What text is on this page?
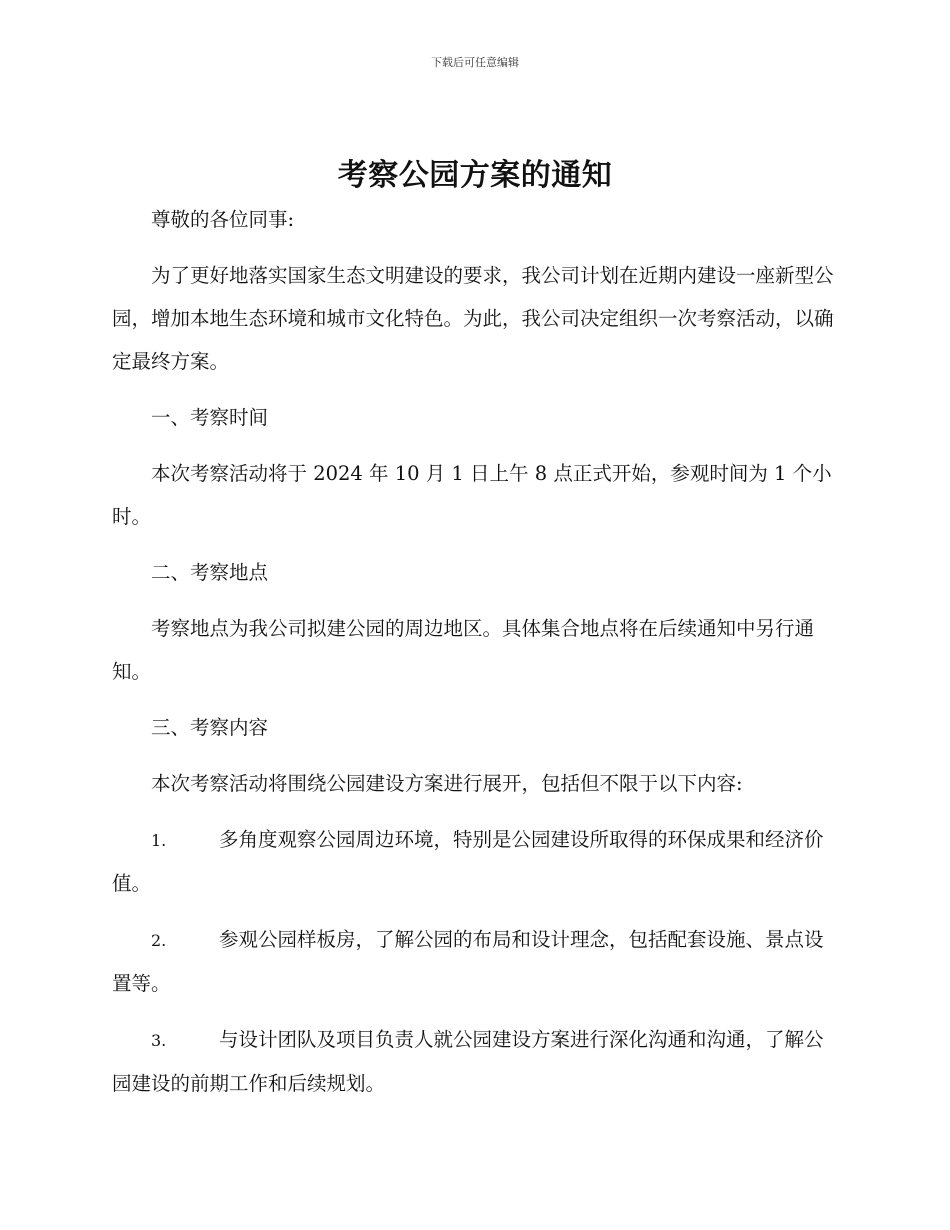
下载后可任意编辑
考察公园方案的通知

尊敬的各位同事:

为了更好地落实国家生态文明建设的要求，我公司计划在近期内建设一座新型公园，增加本地生态环境和城市文化特色。为此，我公司决定组织一次考察活动，以确定最终方案。

一、考察时间

本次考察活动将于 2024 年 10 月 1 日上午 8 点正式开始，参观时间为 1 个小时。

二、考察地点

考察地点为我公司拟建公园的周边地区。具体集合地点将在后续通知中另行通知。

三、考察内容

本次考察活动将围绕公园建设方案进行展开，包括但不限于以下内容:

1.	多角度观察公园周边环境，特别是公园建设所取得的环保成果和经济价值。

2.	参观公园样板房，了解公园的布局和设计理念，包括配套设施、景点设置等。

3.	与设计团队及项目负责人就公园建设方案进行深化沟通和沟通，了解公园建设的前期工作和后续规划。
